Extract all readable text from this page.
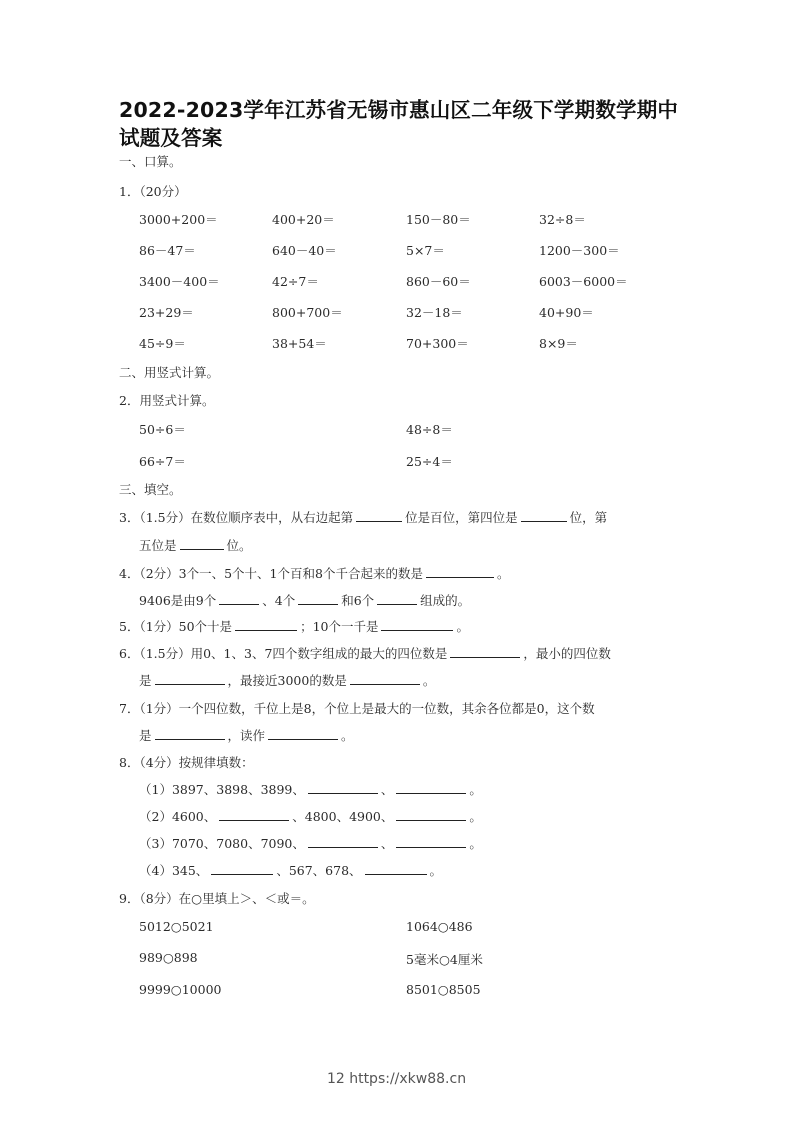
2022-2023学年江苏省无锡市惠山区二年级下学期数学期中
试题及答案
一、口算。
1．（20分）
3000+200＝	400+20＝	150－80＝	32÷8＝
86－47＝	640－40＝	5×7＝	1200－300＝
3400－400＝	42÷7＝	860－60＝	6003－6000＝
23+29＝	800+700＝	32－18＝	40+90＝
45÷9＝	38+54＝	70+300＝	8×9＝
二、用竖式计算。
2．用竖式计算。
50÷6＝	48÷8＝
66÷7＝	25÷4＝
三、填空。
3．（1.5分）在数位顺序表中，从右边起第	位是百位，第四位是	位，第
五位是	位。
4．（2分）3个一、5个十、1个百和8个千合起来的数是	。
9406是由9个	、4个	和6个	组成的。
5．（1分）50个十是	；10个一千是	。
6．（1.5分）用0、1、3、7四个数字组成的最大的四位数是	，最小的四位数
是	，最接近3000的数是	。
7．（1分）一个四位数，千位上是8，个位上是最大的一位数，其余各位都是0，这个数
是	，读作	。
8．（4分）按规律填数：
（1）3897、3898、3899、	、	。
（2）4600、	、4800、4900、	。
（3）7070、7080、7090、	、	。
（4）345、	、567、678、	。
9．（8分）在○里填上＞、＜或＝。
5012○5021	1064○486
989○898	5毫米○4厘米
9999○10000	8501○8505
12 https://xkw88.cn
